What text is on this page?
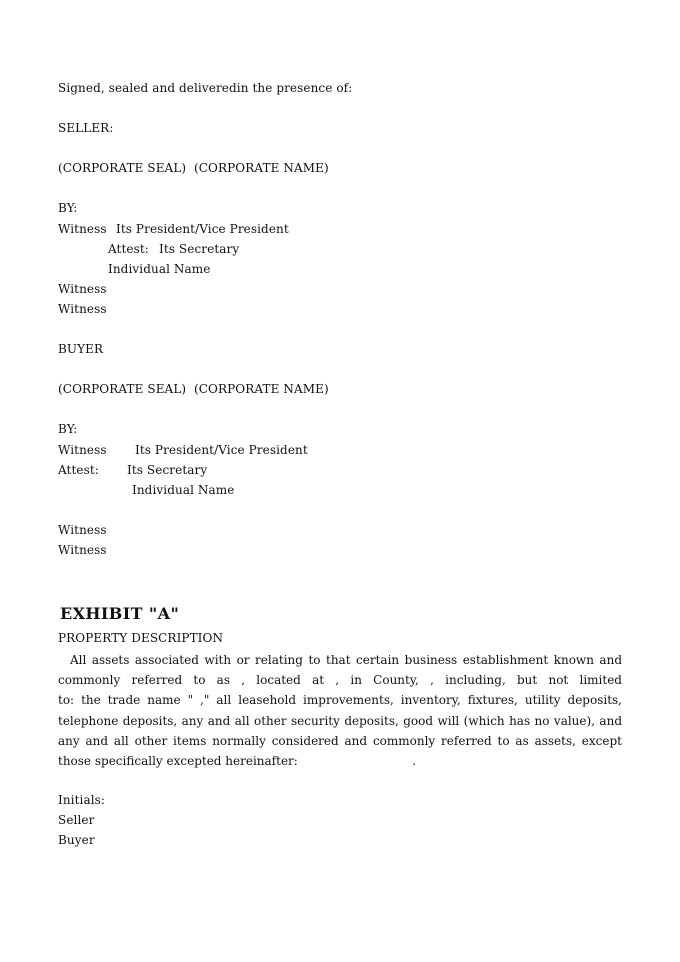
Signed, sealed and deliveredin the presence of:
SELLER:
(CORPORATE SEAL)  (CORPORATE NAME)
BY:
Witness Its President/Vice President
Attest: Its Secretary
Individual Name
Witness
Witness
BUYER
(CORPORATE SEAL)  (CORPORATE NAME)
BY:
Witness Its President/Vice President
Attest: Its Secretary
Individual Name
Witness
Witness
EXHIBIT "A"
PROPERTY DESCRIPTION
All assets associated with or relating to that certain business establishment known and
commonly referred to as , located at , in County, , including, but not limited
to: the trade name " ," all leasehold improvements, inventory, fixtures, utility deposits,
telephone deposits, any and all other security deposits, good will (which has no value), and
any and all other items normally considered and commonly referred to as assets, except
those specifically excepted hereinafter:                              .
Initials:
Seller
Buyer
